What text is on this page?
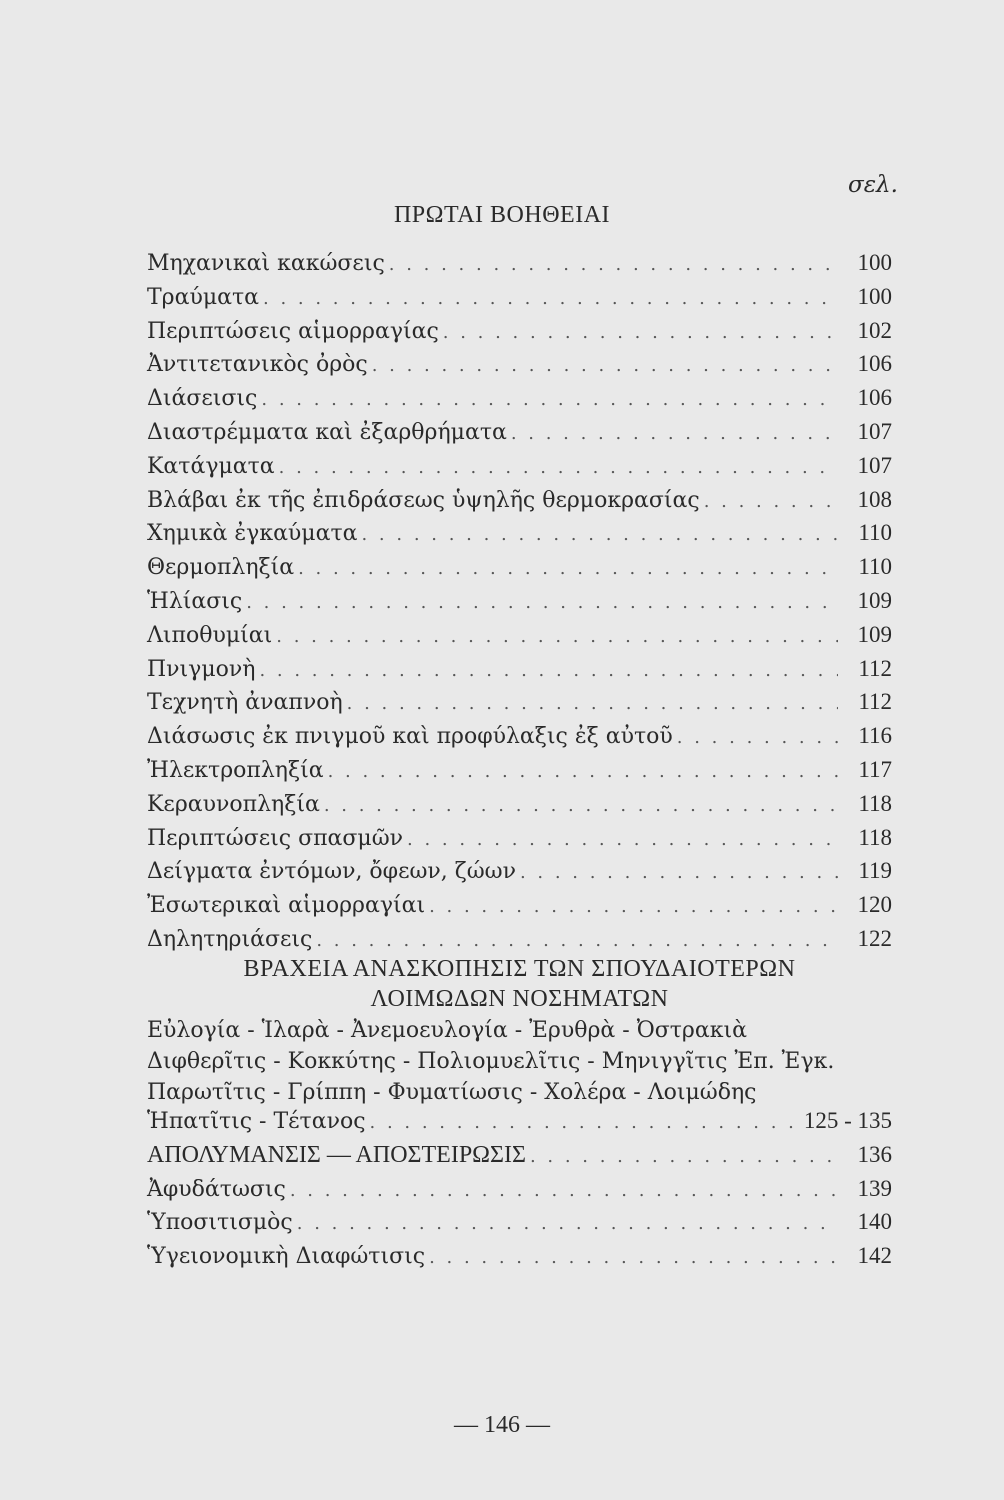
σελ.
ΠΡΩΤΑΙ ΒΟΗΘΕΙΑΙ
Μηχανικαὶ κακώσεις . . .	100
Τραύματα . . .	100
Περιπτώσεις αἱμορραγίας . . .	102
Ἀντιτετανικὸς ὀρὸς . . .	106
Διάσεισις . . .	106
Διαστρέμματα καὶ ἐξαρθρήματα . . .	107
Κατάγματα . . .	107
Βλάβαι ἐκ τῆς ἐπιδράσεως ὑψηλῆς θερμοκρασίας . . .	108
Χημικὰ ἐγκαύματα . . .	110
Θερμοπληξία . . .	110
Ἡλίασις . . .	109
Λιποθυμίαι . . .	109
Πνιγμονὴ . . .	112
Τεχνητὴ ἀναπνοὴ . . .	112
Διάσωσις ἐκ πνιγμοῦ καὶ προφύλαξις ἐξ αὐτοῦ . . .	116
Ἠλεκτροπληξία . . .	117
Κεραυνοπληξία . . .	118
Περιπτώσεις σπασμῶν . . .	118
Δείγματα ἐντόμων, ὄφεων, ζώων . . .	119
Ἐσωτερικαὶ αἱμορραγίαι . . .	120
Δηλητηριάσεις . . .	122
ΒΡΑΧΕΙΑ ΑΝΑΣΚΟΠΗΣΙΣ ΤΩΝ ΣΠΟΥΔΑΙΟΤΕΡΩΝ
ΛΟΙΜΩΔΩΝ ΝΟΣΗΜΑΤΩΝ
Εὐλογία - Ἱλαρὰ - Ἀνεμοευλογία - Ἐρυθρὰ - Ὀστρακιὰ
Διφθερῖτις - Κοκκύτης - Πολιομυελῖτις - Μηνιγγῖτις Ἐπ. Ἐγκ.
Παρωτῖτις - Γρίππη - Φυματίωσις - Χολέρα - Λοιμώδης
Ἡπατῖτις - Τέτανος . . .	125 - 135
ΑΠΟΛΥΜΑΝΣΙΣ — ΑΠΟΣΤΕΙΡΩΣΙΣ . . .	136
Ἀφυδάτωσις . . .	139
Ὑποσιτισμὸς . . .	140
Ὑγειονομικὴ Διαφώτισις . . .	142
— 146 —
